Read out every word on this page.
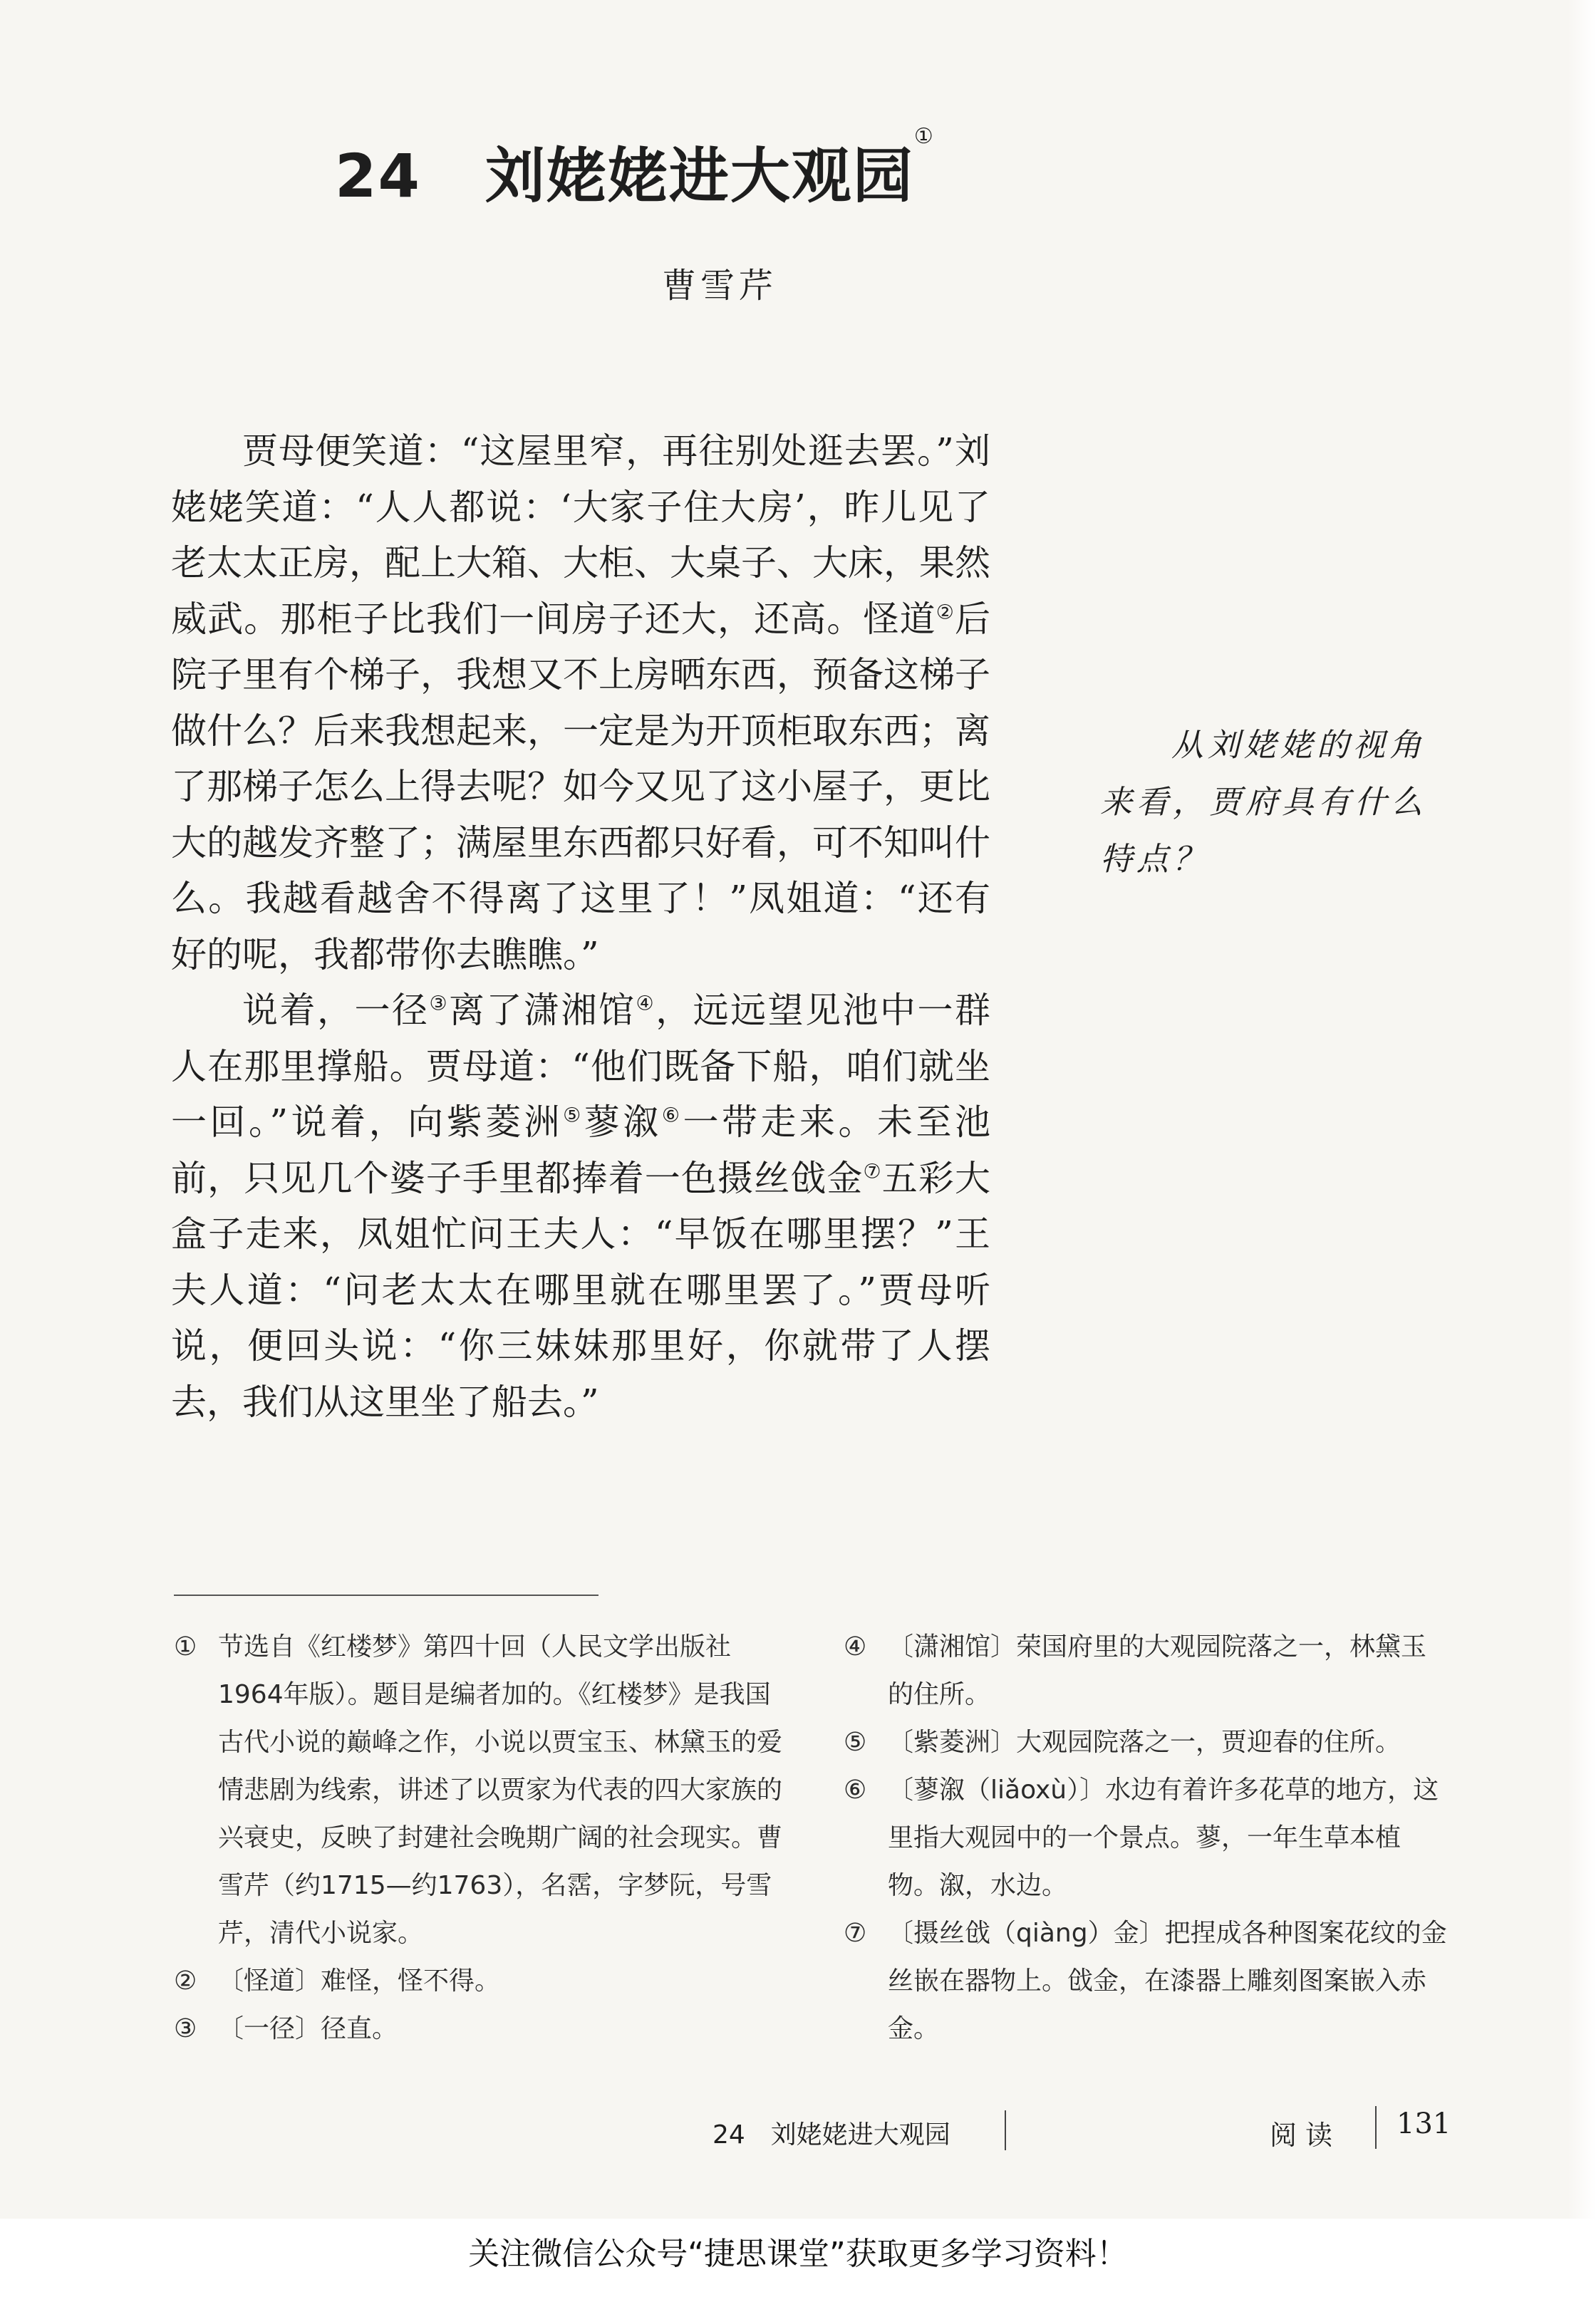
24 刘姥姥进大观园①
曹雪芹

贾母便笑道：“这屋里窄，再往别处逛去罢。”刘姥姥笑道：“人人都说：‘大家子住大房’，昨儿见了老太太正房，配上大箱、大柜、大桌子、大床，果然威武。那柜子比我们一间房子还大，还高。怪道②后院子里有个梯子，我想又不上房晒东西，预备这梯子做什么？后来我想起来，一定是为开顶柜取东西；离了那梯子怎么上得去呢？如今又见了这小屋子，更比大的越发齐整了；满屋里东西都只好看，可不知叫什么。我越看越舍不得离了这里了！”凤姐道：“还有好的呢，我都带你去瞧瞧。”

说着，一径③离了潇湘馆④，远远望见池中一群人在那里撑船。贾母道：“他们既备下船，咱们就坐一回。”说着，向紫菱洲⑤蓼溆⑥一带走来。未至池前，只见几个婆子手里都捧着一色摄丝戗金⑦五彩大盒子走来，凤姐忙问王夫人：“早饭在哪里摆？”王夫人道：“问老太太在哪里就在哪里罢了。”贾母听说，便回头说：“你三妹妹那里好，你就带了人摆去，我们从这里坐了船去。”

从刘姥姥的视角来看，贾府具有什么特点？

① 节选自《红楼梦》第四十回（人民文学出版社1964年版）。题目是编者加的。《红楼梦》是我国古代小说的巅峰之作，小说以贾宝玉、林黛玉的爱情悲剧为线索，讲述了以贾家为代表的四大家族的兴衰史，反映了封建社会晚期广阔的社会现实。曹雪芹（约1715—约1763），名霑，字梦阮，号雪芹，清代小说家。

② 〔怪道〕难怪，怪不得。

③ 〔一径〕径直。

④ 〔潇湘馆〕荣国府里的大观园院落之一，林黛玉的住所。

⑤ 〔紫菱洲〕大观园院落之一，贾迎春的住所。

⑥ 〔蓼溆（liǎoxù）〕水边有着许多花草的地方，这里指大观园中的一个景点。蓼，一年生草本植物。溆，水边。

⑦ 〔摄丝戗（qiàng）金〕把捏成各种图案花纹的金丝嵌在器物上。戗金，在漆器上雕刻图案嵌入赤金。

24　刘姥姥进大观园	阅读 131
关注微信公众号“捷思课堂”获取更多学习资料！
